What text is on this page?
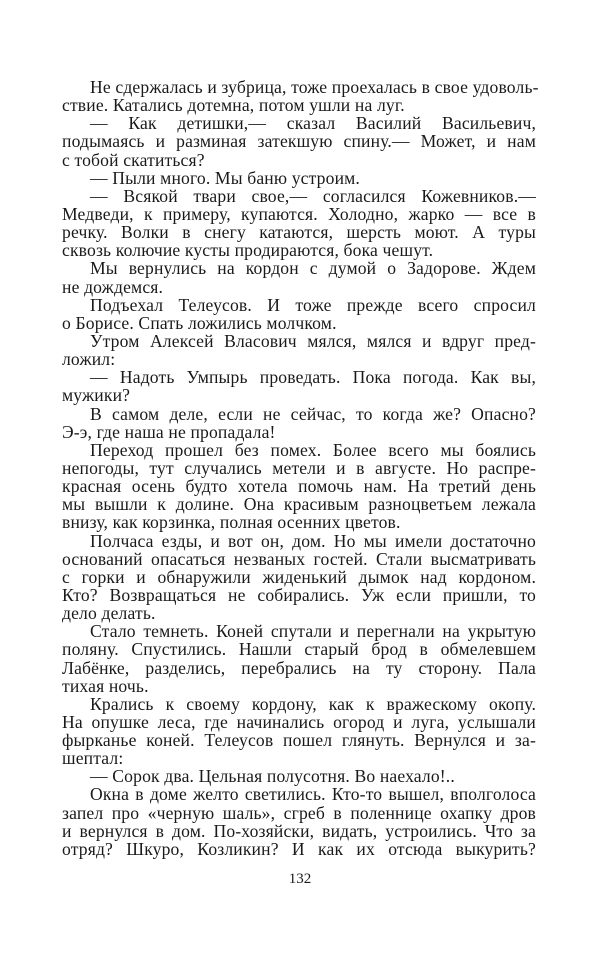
Не сдержалась и зубрица, тоже проехалась в свое удоволь-
ствие. Катались дотемна, потом ушли на луг.
— Как детишки,— сказал Василий Васильевич,
подымаясь и разминая затекшую спину.— Может, и нам
с тобой скатиться?
— Пыли много. Мы баню устроим.
— Всякой твари свое,— согласился Кожевников.—
Медведи, к примеру, купаются. Холодно, жарко — все в
речку. Волки в снегу катаются, шерсть моют. А туры
сквозь колючие кусты продираются, бока чешут.
Мы вернулись на кордон с думой о Задорове. Ждем
не дождемся.
Подъехал Телеусов. И тоже прежде всего спросил
о Борисе. Спать ложились молчком.
Утром Алексей Власович мялся, мялся и вдруг пред-
ложил:
— Надоть Умпырь проведать. Пока погода. Как вы,
мужики?
В самом деле, если не сейчас, то когда же? Опасно?
Э-э, где наша не пропадала!
Переход прошел без помех. Более всего мы боялись
непогоды, тут случались метели и в августе. Но распре-
красная осень будто хотела помочь нам. На третий день
мы вышли к долине. Она красивым разноцветьем лежала
внизу, как корзинка, полная осенних цветов.
Полчаса езды, и вот он, дом. Но мы имели достаточно
оснований опасаться незваных гостей. Стали высматривать
с горки и обнаружили жиденький дымок над кордоном.
Кто? Возвращаться не собирались. Уж если пришли, то
дело делать.
Стало темнеть. Коней спутали и перегнали на укрытую
поляну. Спустились. Нашли старый брод в обмелевшем
Лабёнке, разделись, перебрались на ту сторону. Пала
тихая ночь.
Крались к своему кордону, как к вражескому окопу.
На опушке леса, где начинались огород и луга, услышали
фырканье коней. Телеусов пошел глянуть. Вернулся и за-
шептал:
— Сорок два. Цельная полусотня. Во наехало!..
Окна в доме желто светились. Кто-то вышел, вполголоса
запел про «черную шаль», сгреб в поленнице охапку дров
и вернулся в дом. По-хозяйски, видать, устроились. Что за
отряд? Шкуро, Козликин? И как их отсюда выкурить?
132
